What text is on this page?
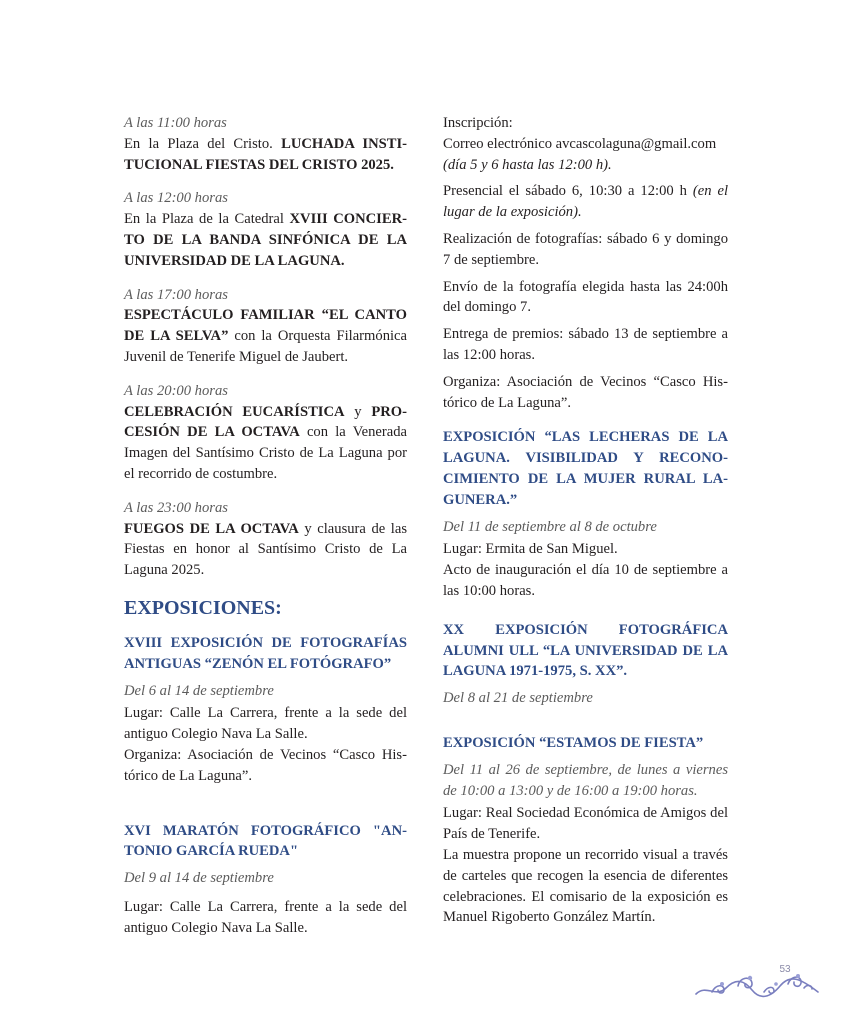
A las 11:00 horas

En la Plaza del Cristo. LUCHADA INSTITUCIONAL FIESTAS DEL CRISTO 2025.

A las 12:00 horas

En la Plaza de la Catedral XVIII CONCIERTO DE LA BANDA SINFÓNICA DE LA UNIVERSIDAD DE LA LAGUNA.

A las 17:00 horas

ESPECTÁCULO FAMILIAR “EL CANTO DE LA SELVA” con la Orquesta Filarmónica Juvenil de Tenerife Miguel de Jaubert.

A las 20:00 horas

CELEBRACIÓN EUCARÍSTICA y PROCESIÓN DE LA OCTAVA con la Venerada Imagen del Santísimo Cristo de La Laguna por el recorrido de costumbre.

A las 23:00 horas

FUEGOS DE LA OCTAVA y clausura de las Fiestas en honor al Santísimo Cristo de La Laguna 2025.

EXPOSICIONES:
XVIII EXPOSICIÓN DE FOTOGRAFÍAS ANTIGUAS “ZENÓN EL FOTÓGRAFO”

Del 6 al 14 de septiembre

Lugar: Calle La Carrera, frente a la sede del antiguo Colegio Nava La Salle.

Organiza: Asociación de Vecinos “Casco Histórico de La Laguna”.

XVI MARATÓN FOTOGRÁFICO "ANTONIO GARCÍA RUEDA"

Del 9 al 14 de septiembre

Lugar: Calle La Carrera, frente a la sede del antiguo Colegio Nava La Salle.

Inscripción:

Correo electrónico avcascolaguna@gmail.com

(día 5 y 6 hasta las 12:00 h).

Presencial el sábado 6, 10:30 a 12:00 h (en el lugar de la exposición).

Realización de fotografías: sábado 6 y domingo 7 de septiembre.

Envío de la fotografía elegida hasta las 24:00h del domingo 7.

Entrega de premios: sábado 13 de septiembre a las 12:00 horas.

Organiza: Asociación de Vecinos “Casco Histórico de La Laguna”.

EXPOSICIÓN “LAS LECHERAS DE LA LAGUNA. VISIBILIDAD Y RECONOCIMIENTO DE LA MUJER RURAL LAGUNERA.”

Del 11 de septiembre al 8 de octubre

Lugar: Ermita de San Miguel.

Acto de inauguración el día 10 de septiembre a las 10:00 horas.

XX EXPOSICIÓN FOTOGRÁFICA ALUMNI ULL “LA UNIVERSIDAD DE LA LAGUNA 1971-1975, S. XX”.

Del 8 al 21 de septiembre

EXPOSICIÓN “ESTAMOS DE FIESTA”

Del 11 al 26 de septiembre, de lunes a viernes de 10:00 a 13:00 y de 16:00 a 19:00 horas.

Lugar: Real Sociedad Económica de Amigos del País de Tenerife.

La muestra propone un recorrido visual a través de carteles que recogen la esencia de diferentes celebraciones. El comisario de la exposición es Manuel Rigoberto González Martín.

53
